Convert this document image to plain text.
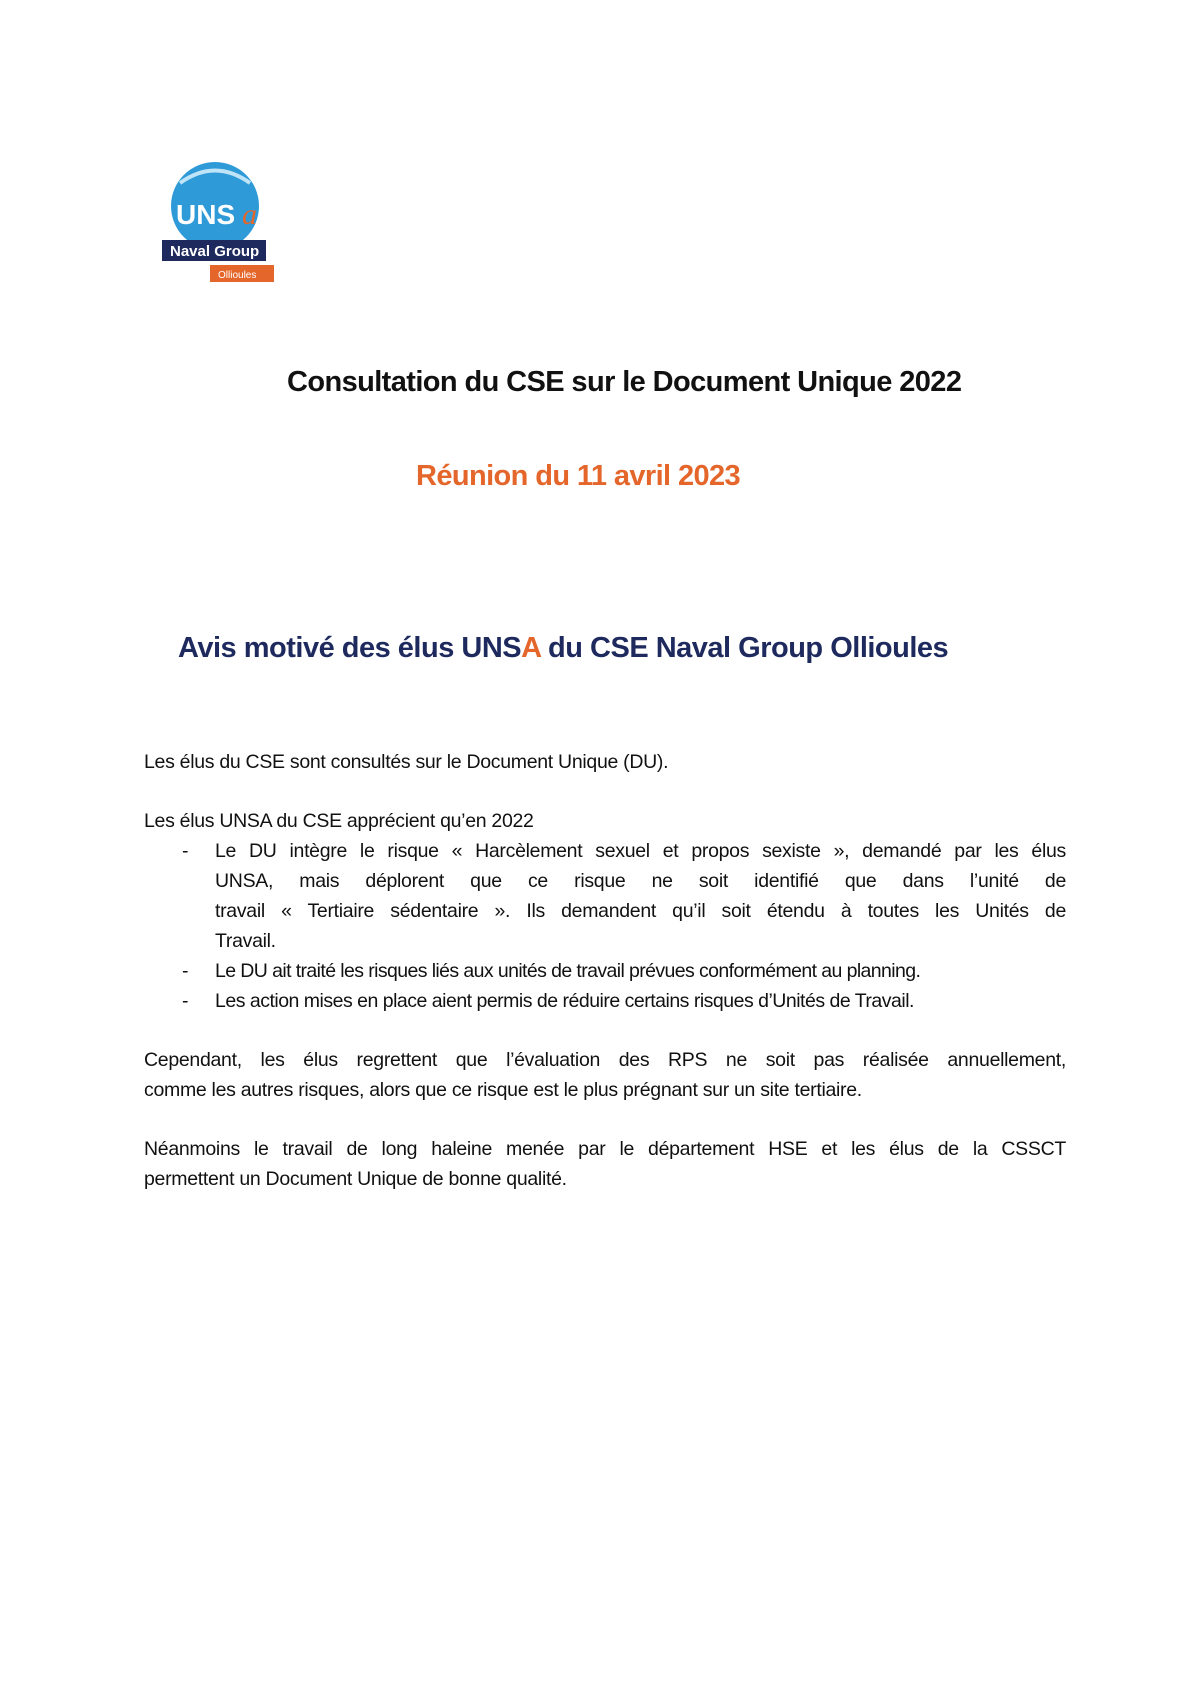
UNS a
Naval Group
Ollioules
Consultation du CSE sur le Document Unique 2022
Réunion du 11 avril 2023
Avis motivé des élus UNSA du CSE Naval Group Ollioules
Les élus du CSE sont consultés sur le Document Unique (DU).
Les élus UNSA du CSE apprécient qu’en 2022
- Le DU intègre le risque « Harcèlement sexuel et propos sexiste », demandé par les élus
UNSA, mais déplorent que ce risque ne soit identifié que dans l’unité de
travail « Tertiaire sédentaire ». Ils demandent qu’il soit étendu à toutes les Unités de
Travail.
- Le DU ait traité les risques liés aux unités de travail prévues conformément au planning.
- Les action mises en place aient permis de réduire certains risques d’Unités de Travail.
Cependant, les élus regrettent que l’évaluation des RPS ne soit pas réalisée annuellement,
comme les autres risques, alors que ce risque est le plus prégnant sur un site tertiaire.
Néanmoins le travail de long haleine menée par le département HSE et les élus de la CSSCT
permettent un Document Unique de bonne qualité.
